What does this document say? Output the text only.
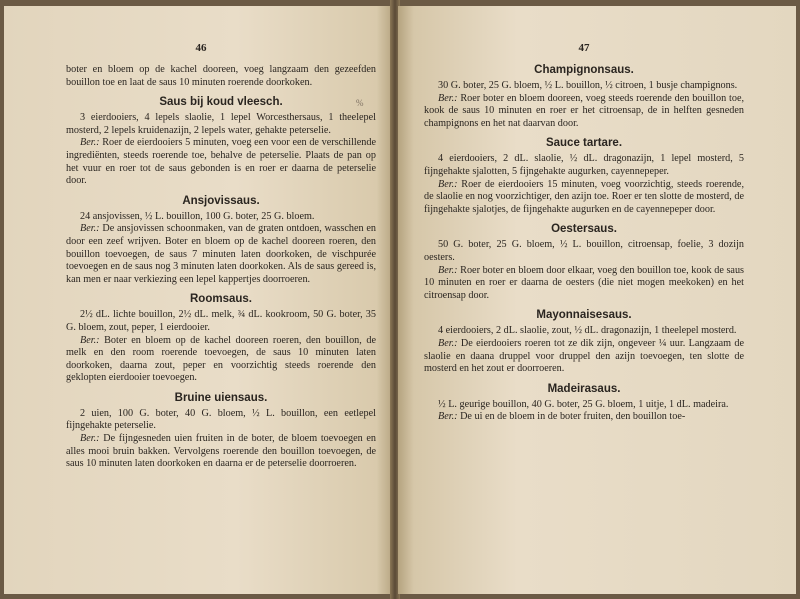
46

boter en bloem op de kachel dooreen, voeg langzaam den gezeefden bouillon toe en laat de saus 10 minuten roerende doorkoken.

Saus bij koud vleesch.

3 eierdooiers, 4 lepels slaolie, 1 lepel Worcesthersaus, 1 theelepel mosterd, 2 lepels kruidenazijn, 2 lepels water, gehakte peterselie.

Ber.: Roer de eierdooiers 5 minuten, voeg een voor een de verschillende ingrediënten, steeds roerende toe, behalve de peterselie. Plaats de pan op het vuur en roer tot de saus gebonden is en roer er daarna de peterselie door.

Ansjovissaus.

24 ansjovissen, ½ L. bouillon, 100 G. boter, 25 G. bloem.

Ber.: De ansjovissen schoonmaken, van de graten ontdoen, wasschen en door een zeef wrijven. Boter en bloem op de kachel dooreen roeren, den bouillon toevoegen, de saus 7 minuten laten doorkoken, de vischpurée toevoegen en de saus nog 3 minuten laten doorkoken. Als de saus gereed is, kan men er naar verkiezing een lepel kappertjes doorroeren.

Roomsaus.

2½ dL. lichte bouillon, 2½ dL. melk, ¾ dL. kookroom, 50 G. boter, 35 G. bloem, zout, peper, 1 eierdooier.

Ber.: Boter en bloem op de kachel dooreen roeren, den bouillon, de melk en den room roerende toevoegen, de saus 10 minuten laten doorkoken, daarna zout, peper en voorzichtig steeds roerende den geklopten eierdooier toevoegen.

Bruine uiensaus.

2 uien, 100 G. boter, 40 G. bloem, ½ L. bouillon, een eetlepel fijngehakte peterselie.

Ber.: De fijngesneden uien fruiten in de boter, de bloem toevoegen en alles mooi bruin bakken. Vervolgens roerende den bouillon toevoegen, de saus 10 minuten laten doorkoken en daarna er de peterselie doorroeren.

%
47
Champignonsaus.

30 G. boter, 25 G. bloem, ½ L. bouillon, ½ citroen, 1 busje champignons.

Ber.: Roer boter en bloem dooreen, voeg steeds roerende den bouillon toe, kook de saus 10 minuten en roer er het citroensap, de in helften gesneden champignons en het nat daarvan door.

Sauce tartare.

4 eierdooiers, 2 dL. slaolie, ½ dL. dragonazijn, 1 lepel mosterd, 5 fijngehakte sjalotten, 5 fijngehakte augurken, cayennepeper.

Ber.: Roer de eierdooiers 15 minuten, voeg voorzichtig, steeds roerende, de slaolie en nog voorzichtiger, den azijn toe. Roer er ten slotte de mosterd, de fijngehakte sjalotjes, de fijngehakte augurken en de cayennepeper door.

Oestersaus.

50 G. boter, 25 G. bloem, ½ L. bouillon, citroensap, foelie, 3 dozijn oesters.

Ber.: Roer boter en bloem door elkaar, voeg den bouillon toe, kook de saus 10 minuten en roer er daarna de oesters (die niet mogen meekoken) en het citroensap door.

Mayonnaisesaus.

4 eierdooiers, 2 dL. slaolie, zout, ½ dL. dragonazijn, 1 theelepel mosterd.

Ber.: De eierdooiers roeren tot ze dik zijn, ongeveer ¼ uur. Langzaam de slaolie en daana druppel voor druppel den azijn toevoegen, ten slotte de mosterd en het zout er doorroeren.

Madeirasaus.

½ L. geurige bouillon, 40 G. boter, 25 G. bloem, 1 uitje, 1 dL. madeira.

Ber.: De ui en de bloem in de boter fruiten, den bouillon toe-
